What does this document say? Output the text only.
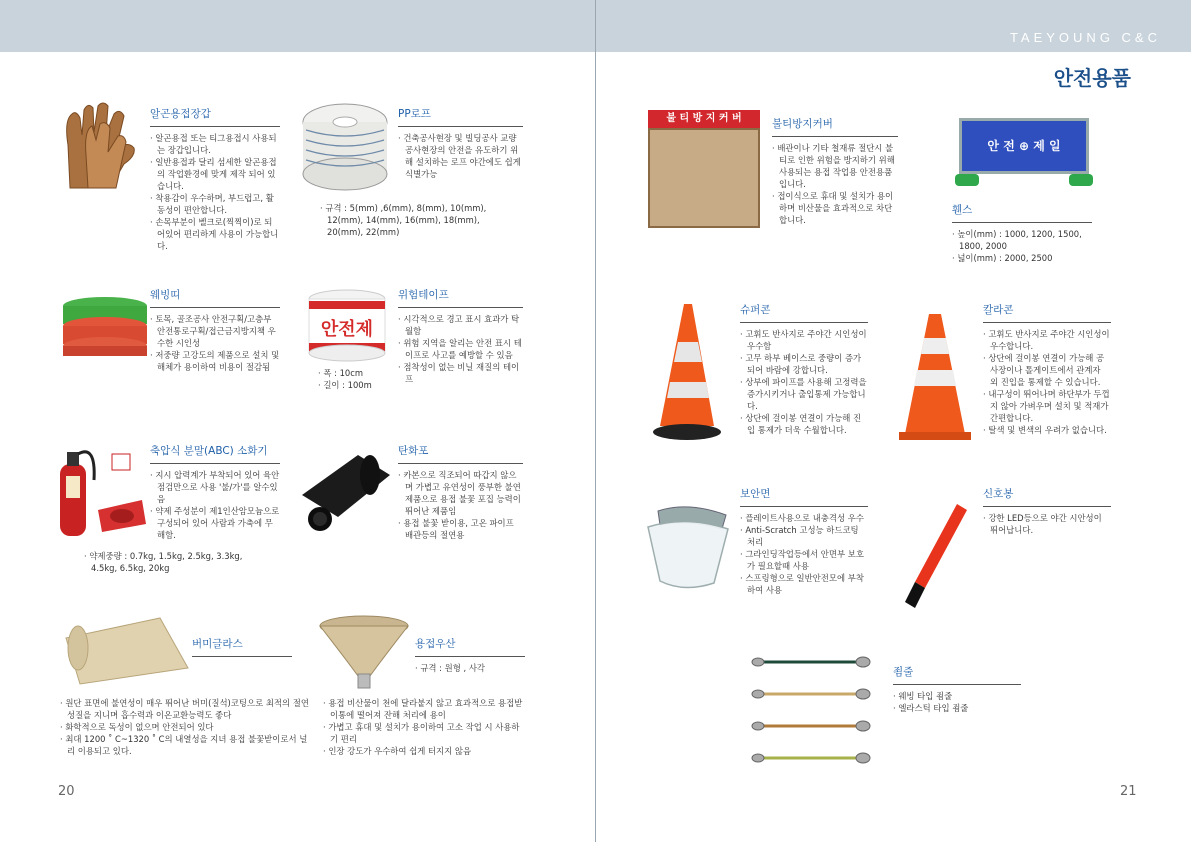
TAEYOUNG C&C
안전용품
20	21
알곤용접장갑
· 알곤용접 또는 티그용접시 사용되는 장갑입니다.
· 일반용접과 달리 섬세한 알곤용접의 작업환경에 맞게 제작 되어 있습니다.
· 착용감이 우수하며, 부드럽고, 활동성이 편안합니다.
· 손목부분이 벨크로(찍찍이)로 되어있어 편리하게 사용이 가능합니다.
PP로프
· 건축공사현장 및 빌딩공사 교량공사현장의 안전을 유도하기 위해 설치하는 로프 야간에도 쉽게 식별가능
· 규격 : 5(mm) ,6(mm), 8(mm), 10(mm), 12(mm), 14(mm), 16(mm), 18(mm), 20(mm), 22(mm)
웨빙띠
· 토목, 골조공사 안전구획/고층부 안전통로구획/접근금지방지책 우수한 시인성
· 저중량 고강도의 제품으로 설치 및 해체가 용이하여 비용이 절감됨
안전제
위험테이프
· 시각적으로 경고 표시 효과가 탁월함
· 위험 지역을 알리는 안전 표시 테이프로 사고를 예방할 수 있음
· 점착성이 없는 비닐 재질의 테이프
· 폭 : 10cm
· 길이 : 100m
축압식 분말(ABC) 소화기
· 지시 압력계가 부착되어 있어 육안 점검만으로 사용 '불/가'를 알수있음
· 약제 주성분이 제1인산암모늄으로 구성되어 있어 사람과 가축에 무해함.
· 약제중량 : 0.7kg, 1.5kg, 2.5kg, 3.3kg, 4.5kg, 6.5kg, 20kg
탄화포
· 카본으로 직조되어 따갑지 않으며 가볍고 유연성이 풍부한 불연제품으로 용접 불꽃 포집 능력이 뛰어난 제품임
· 용접 불꽃 받이용, 고온 파이프 배관등의 절연용
버미글라스
· 원단 표면에 불연성이 매우 뛰어난 버미(질석)코팅으로 최적의 절연성질을 지니며 흡수력과 이온교환능력도 좋다
· 화학적으로 독성이 없으며 안전되어 있다
· 최대 1200 ˚ C~1320 ˚ C의 내열성을 지녀 용접 불꽃받이로서 널리 이용되고 있다.
용접우산
· 규격 : 원형 , 사각
· 용접 비산물이 천에 달라붙지 않고 효과적으로 용접받이통에 떨어져 잔해 처리에 용이
· 가볍고 휴대 및 설치가 용이하여 고소 작업 시 사용하기 편리
· 인장 강도가 우수하여 쉽게 터지지 않음
불 티 방 지 커 버	불티방지커버
· 배관이나 기타 철재류 절단시 불티로 인한 위험을 방지하기 위해 사용되는 용접 작업용 안전용품 입니다.
· 접이식으로 휴대 및 설치가 용이하며 비산물을 효과적으로 차단합니다.
안 전 ⊕ 제 일
휀스
· 높이(mm) : 1000, 1200, 1500, 1800, 2000
· 넓이(mm) : 2000, 2500
슈퍼콘
· 고휘도 반사지로 주야간 시인성이 우수함
· 고무 하부 베이스로 중량이 증가되어 바람에 강합니다.
· 상부에 파이프를 사용해 고정력을 증가시키거나 출입통제 가능합니다.
· 상단에 걸이봉 연결이 가능해 진입 통제가 더욱 수월합니다.
칼라콘
· 고휘도 반사지로 주야간 시인성이 우수합니다.
· 상단에 걸이봉 연결이 가능해 공사장이나 톨게이트에서 관계자 외 진입을 통제할 수 있습니다.
· 내구성이 뛰어나며 하단부가 두껍지 않아 가벼우며 설치 및 적재가 간편합니다.
· 탈색 및 변색의 우려가 없습니다.
보안면
· 플레이트사용으로 내충격성 우수
· Anti-Scratch 고성능 하드코팅 처리
· 그라인딩작업등에서 안면부 보호가 필요할때 사용
· 스프링형으로 일반안전모에 부착하여 사용
신호봉
· 강한 LED등으로 야간 시안성이 뛰어납니다.
죔줄
· 웨빙 타입 죔줄
· 엘라스틱 타입 죔줄
